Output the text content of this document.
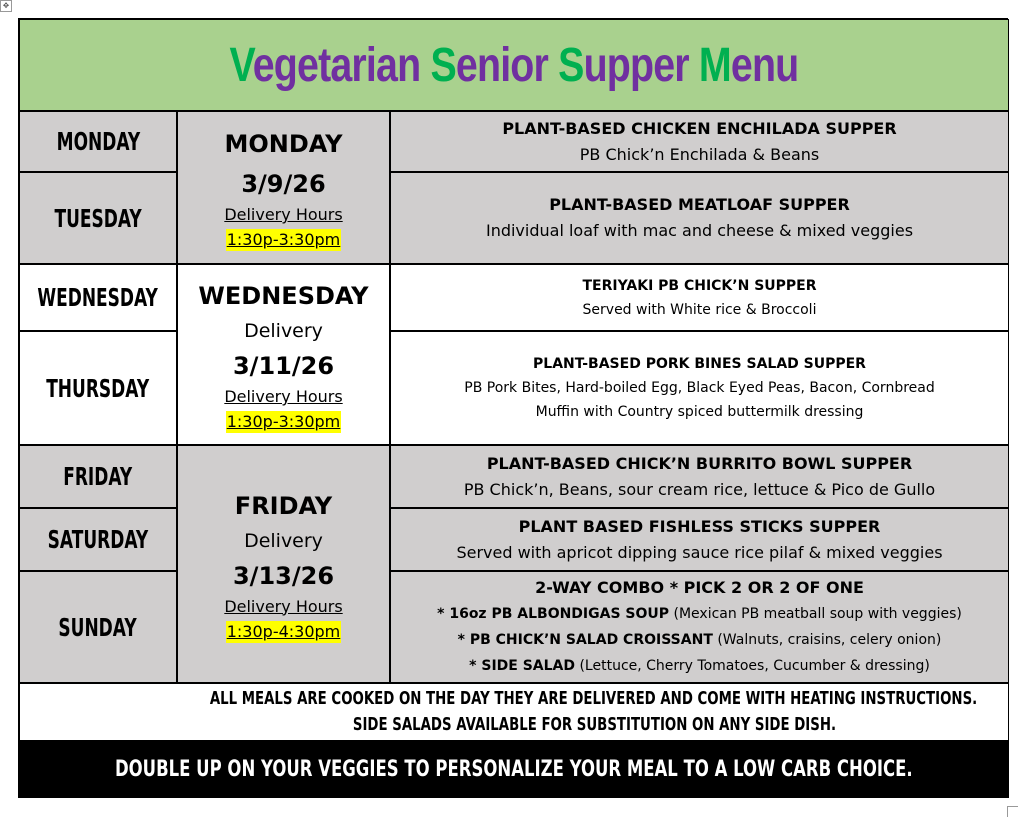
✥
Vegetarian Senior Supper Menu
MONDAY
TUESDAY
WEDNESDAY
THURSDAY
FRIDAY
SATURDAY
SUNDAY
MONDAY
3/9/26
Delivery Hours
1:30p-3:30pm
WEDNESDAY
Delivery
3/11/26
Delivery Hours
1:30p-3:30pm
FRIDAY
Delivery
3/13/26
Delivery Hours
1:30p-4:30pm
PLANT-BASED CHICKEN ENCHILADA SUPPER
PB Chick’n Enchilada & Beans
PLANT-BASED MEATLOAF SUPPER
Individual loaf with mac and cheese & mixed veggies
TERIYAKI PB CHICK’N SUPPER
Served with White rice & Broccoli
PLANT-BASED PORK BINES SALAD SUPPER
PB Pork Bites, Hard-boiled Egg, Black Eyed Peas, Bacon, Cornbread
Muffin with Country spiced buttermilk dressing
PLANT-BASED CHICK’N BURRITO BOWL SUPPER
PB Chick’n, Beans, sour cream rice, lettuce & Pico de Gullo
PLANT BASED FISHLESS STICKS SUPPER
Served with apricot dipping sauce rice pilaf & mixed veggies
2-WAY COMBO * PICK 2 OR 2 OF ONE
* 16oz PB ALBONDIGAS SOUP (Mexican PB meatball soup with veggies)
* PB CHICK’N SALAD CROISSANT (Walnuts, craisins, celery onion)
* SIDE SALAD (Lettuce, Cherry Tomatoes, Cucumber & dressing)
ALL MEALS ARE COOKED ON THE DAY THEY ARE DELIVERED AND COME WITH HEATING INSTRUCTIONS.
SIDE SALADS AVAILABLE FOR SUBSTITUTION ON ANY SIDE DISH.
DOUBLE UP ON YOUR VEGGIES TO PERSONALIZE YOUR MEAL TO A LOW CARB CHOICE.
